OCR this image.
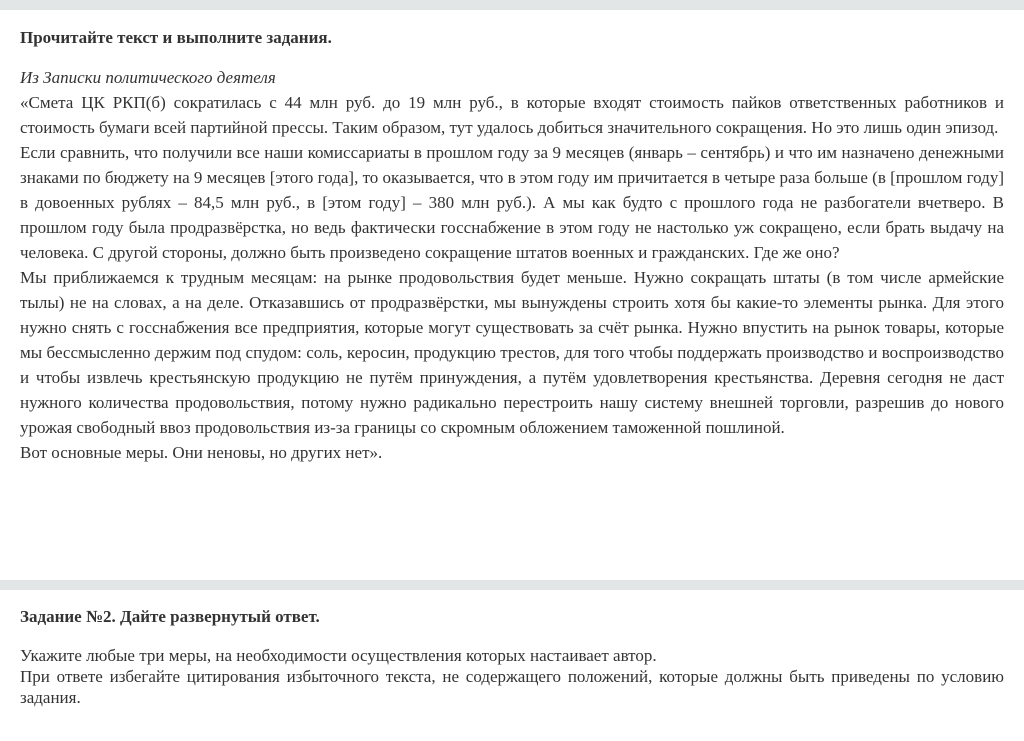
Прочитайте текст и выполните задания.

Из Записки политического деятеля

«Смета ЦК РКП(б) сократилась с 44 млн руб. до 19 млн руб., в которые входят стоимость пайков ответственных работников и стоимость бумаги всей партийной прессы. Таким образом, тут удалось добиться значительного сокращения. Но это лишь один эпизод.

Если сравнить, что получили все наши комиссариаты в прошлом году за 9 месяцев (январь – сентябрь) и что им назначено денежными знаками по бюджету на 9 месяцев [этого года], то оказывается, что в этом году им причитается в четыре раза больше (в [прошлом году] в довоенных рублях – 84,5 млн руб., в [этом году] – 380 млн руб.). А мы как будто с прошлого года не разбогатели вчетверо. В прошлом году была продразвёрстка, но ведь фактически госснабжение в этом году не настолько уж сокращено, если брать выдачу на человека. С другой стороны, должно быть произведено сокращение штатов военных и гражданских. Где же оно?

Мы приближаемся к трудным месяцам: на рынке продовольствия будет меньше. Нужно сокращать штаты (в том числе армейские тылы) не на словах, а на деле. Отказавшись от продразвёрстки, мы вынуждены строить хотя бы какие-то элементы рынка. Для этого нужно снять с госснабжения все предприятия, которые могут существовать за счёт рынка. Нужно впустить на рынок товары, которые мы бессмысленно держим под спудом: соль, керосин, продукцию трестов, для того чтобы поддержать производство и воспроизводство и чтобы извлечь крестьянскую продукцию не путём принуждения, а путём удовлетворения крестьянства. Деревня сегодня не даст нужного количества продовольствия, потому нужно радикально перестроить нашу систему внешней торговли, разрешив до нового урожая свободный ввоз продовольствия из-за границы со скромным обложением таможенной пошлиной.

Вот основные меры. Они неновы, но других нет».

Задание №2. Дайте развернутый ответ.

Укажите любые три меры, на необходимости осуществления которых настаивает автор.

При ответе избегайте цитирования избыточного текста, не содержащего положений, которые должны быть приведены по условию задания.
